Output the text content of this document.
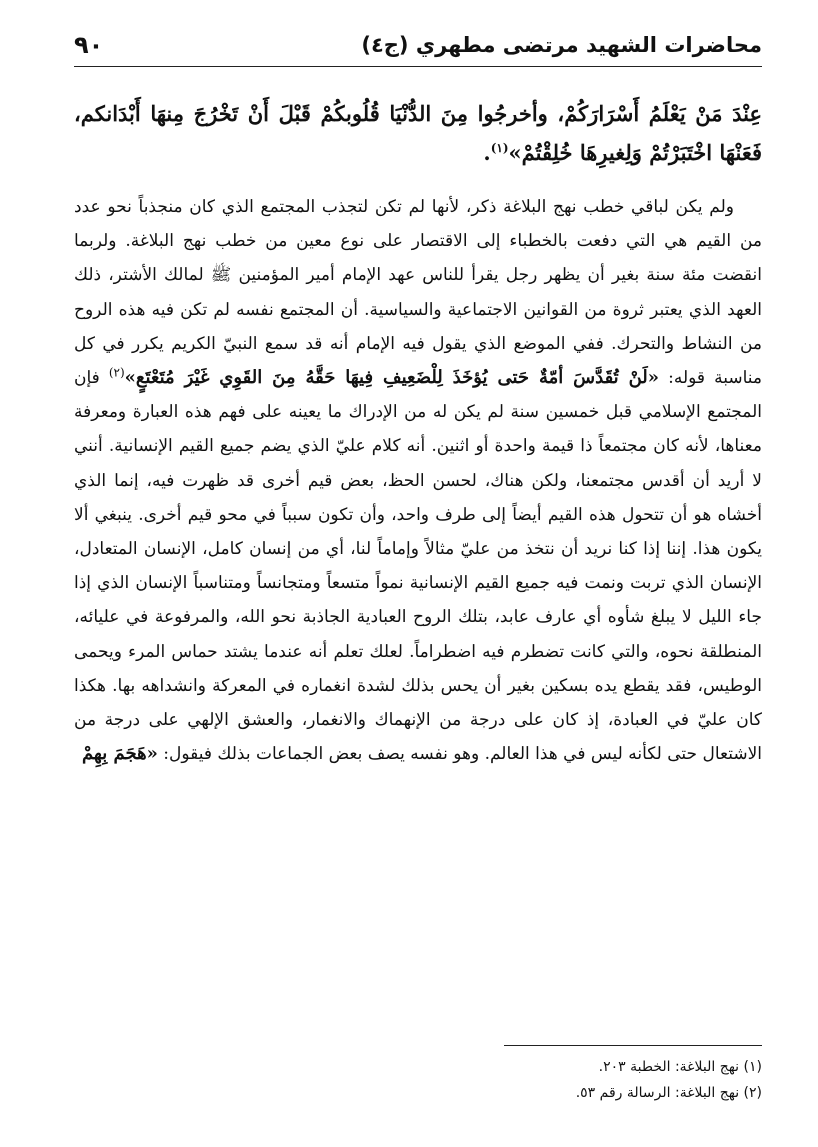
محاضرات الشهيد مرتضى مطهري (ج٤)
٩٠
عِنْدَ مَنْ يَعْلَمُ أَسْرَارَكُمْ، وأخرجُوا مِنَ الدُّنْيَا قُلُوبكُمْ قَبْلَ أَنْ تَخْرُجَ مِنهَا أَبْدَانكم، فَعَنْهَا اخْتَبَرْتُمْ وَلِغيرِهَا خُلِقْتُمْ»$^{(١)}$.

ولم يكن لباقي خطب نهج البلاغة ذكر، لأنها لم تكن لتجذب المجتمع الذي كان منجذباً نحو عدد من القيم هي التي دفعت بالخطباء إلى الاقتصار على نوع معين من خطب نهج البلاغة. ولربما انقضت مئة سنة بغير أن يظهر رجل يقرأ للناس عهد الإمام أمير المؤمنين ﷺ لمالك الأشتر، ذلك العهد الذي يعتبر ثروة من القوانين الاجتماعية والسياسية. أن المجتمع نفسه لم تكن فيه هذه الروح من النشاط والتحرك. ففي الموضع الذي يقول فيه الإمام أنه قد سمع النبيّ الكريم يكرر في كل مناسبة قوله: «لَنْ تُقَدَّسَ أمّةٌ حَتى يُؤخَذَ لِلْضَعِيفِ فِيهَا حَقَّهُ مِنَ القَوِي غَيْرَ مُتَعْتَعٍ»$^{(٢)}$ فإن المجتمع الإسلامي قبل خمسين سنة لم يكن له من الإدراك ما يعينه على فهم هذه العبارة ومعرفة معناها، لأنه كان مجتمعاً ذا قيمة واحدة أو اثنين. أنه كلام عليّ الذي يضم جميع القيم الإنسانية. أنني لا أريد أن أقدس مجتمعنا، ولكن هناك، لحسن الحظ، بعض قيم أخرى قد ظهرت فيه، إنما الذي أخشاه هو أن تتحول هذه القيم أيضاً إلى طرف واحد، وأن تكون سبباً في محو قيم أخرى. ينبغي ألا يكون هذا. إننا إذا كنا نريد أن نتخذ من عليّ مثالاً وإماماً لنا، أي من إنسان كامل، الإنسان المتعادل، الإنسان الذي تربت ونمت فيه جميع القيم الإنسانية نمواً متسعاً ومتجانساً ومتناسباً الإنسان الذي إذا جاء الليل لا يبلغ شأوه أي عارف عابد، بتلك الروح العبادية الجاذبة نحو الله، والمرفوعة في عليائه، المنطلقة نحوه، والتي كانت تضطرم فيه اضطراماً. لعلك تعلم أنه عندما يشتد حماس المرء ويحمى الوطيس، فقد يقطع يده بسكين بغير أن يحس بذلك لشدة انغماره في المعركة وانشداهه بها. هكذا كان عليّ في العبادة، إذ كان على درجة من الإنهماك والانغمار، والعشق الإلهي على درجة من الاشتعال حتى لكأنه ليس في هذا العالم. وهو نفسه يصف بعض الجماعات بذلك فيقول: «هَجَمَ بِهِمْ

(١) نهج البلاغة: الخطبة ٢٠٣.
(٢) نهج البلاغة: الرسالة رقم ٥٣.
